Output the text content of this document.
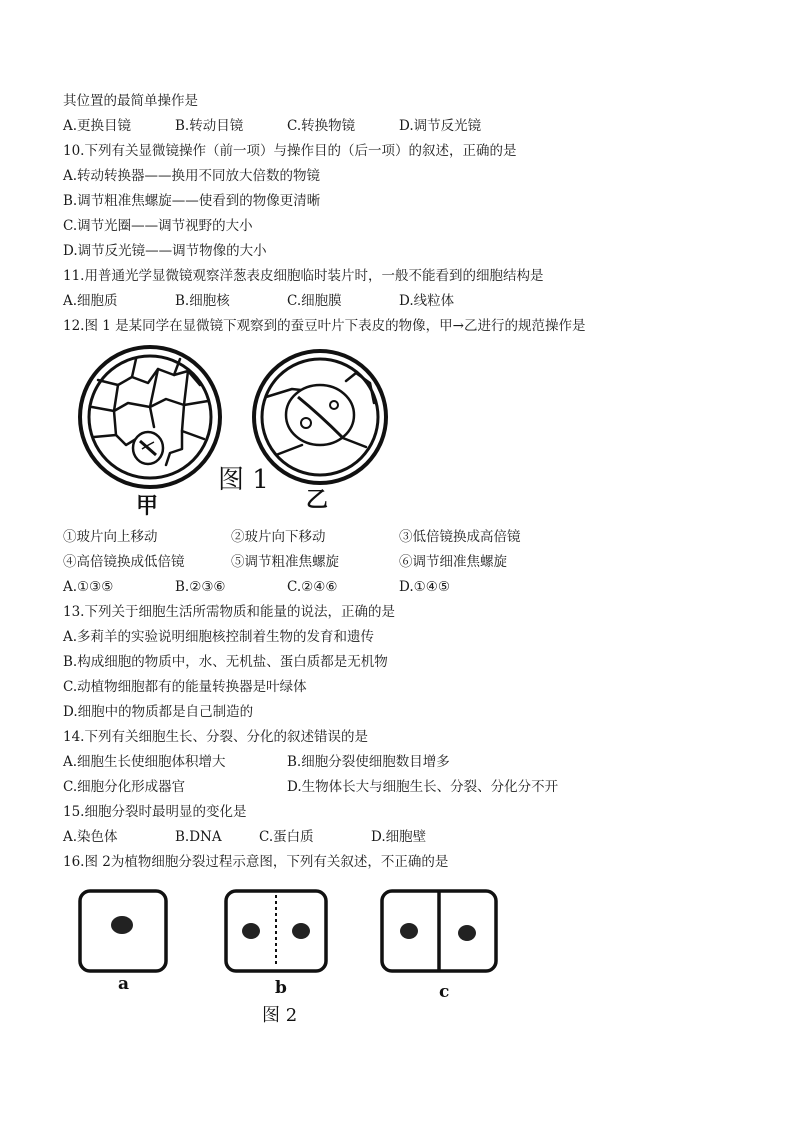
其位置的最简单操作是
A.更换目镜	B.转动目镜	C.转换物镜	D.调节反光镜
10.下列有关显微镜操作（前一项）与操作目的（后一项）的叙述，正确的是
A.转动转换器——换用不同放大倍数的物镜
B.调节粗准焦螺旋——使看到的物像更清晰
C.调节光圈——调节视野的大小
D.调节反光镜——调节物像的大小
11.用普通光学显微镜观察洋葱表皮细胞临时装片时，一般不能看到的细胞结构是
A.细胞质	B.细胞核	C.细胞膜	D.线粒体
12.图 1 是某同学在显微镜下观察到的蚕豆叶片下表皮的物像，甲→乙进行的规范操作是
图 1
甲	乙
①玻片向上移动	②玻片向下移动	③低倍镜换成高倍镜
④高倍镜换成低倍镜	⑤调节粗准焦螺旋	⑥调节细准焦螺旋
A.①③⑤	B.②③⑥	C.②④⑥	D.①④⑤
13.下列关于细胞生活所需物质和能量的说法，正确的是
A.多莉羊的实验说明细胞核控制着生物的发育和遗传
B.构成细胞的物质中，水、无机盐、蛋白质都是无机物
C.动植物细胞都有的能量转换器是叶绿体
D.细胞中的物质都是自己制造的
14.下列有关细胞生长、分裂、分化的叙述错误的是
A.细胞生长使细胞体积增大	B.细胞分裂使细胞数目增多
C.细胞分化形成器官	D.生物体长大与细胞生长、分裂、分化分不开
15.细胞分裂时最明显的变化是
A.染色体	B.DNA	C.蛋白质	D.细胞壁
16.图 2为植物细胞分裂过程示意图，下列有关叙述，不正确的是
a	b	c
图 2
